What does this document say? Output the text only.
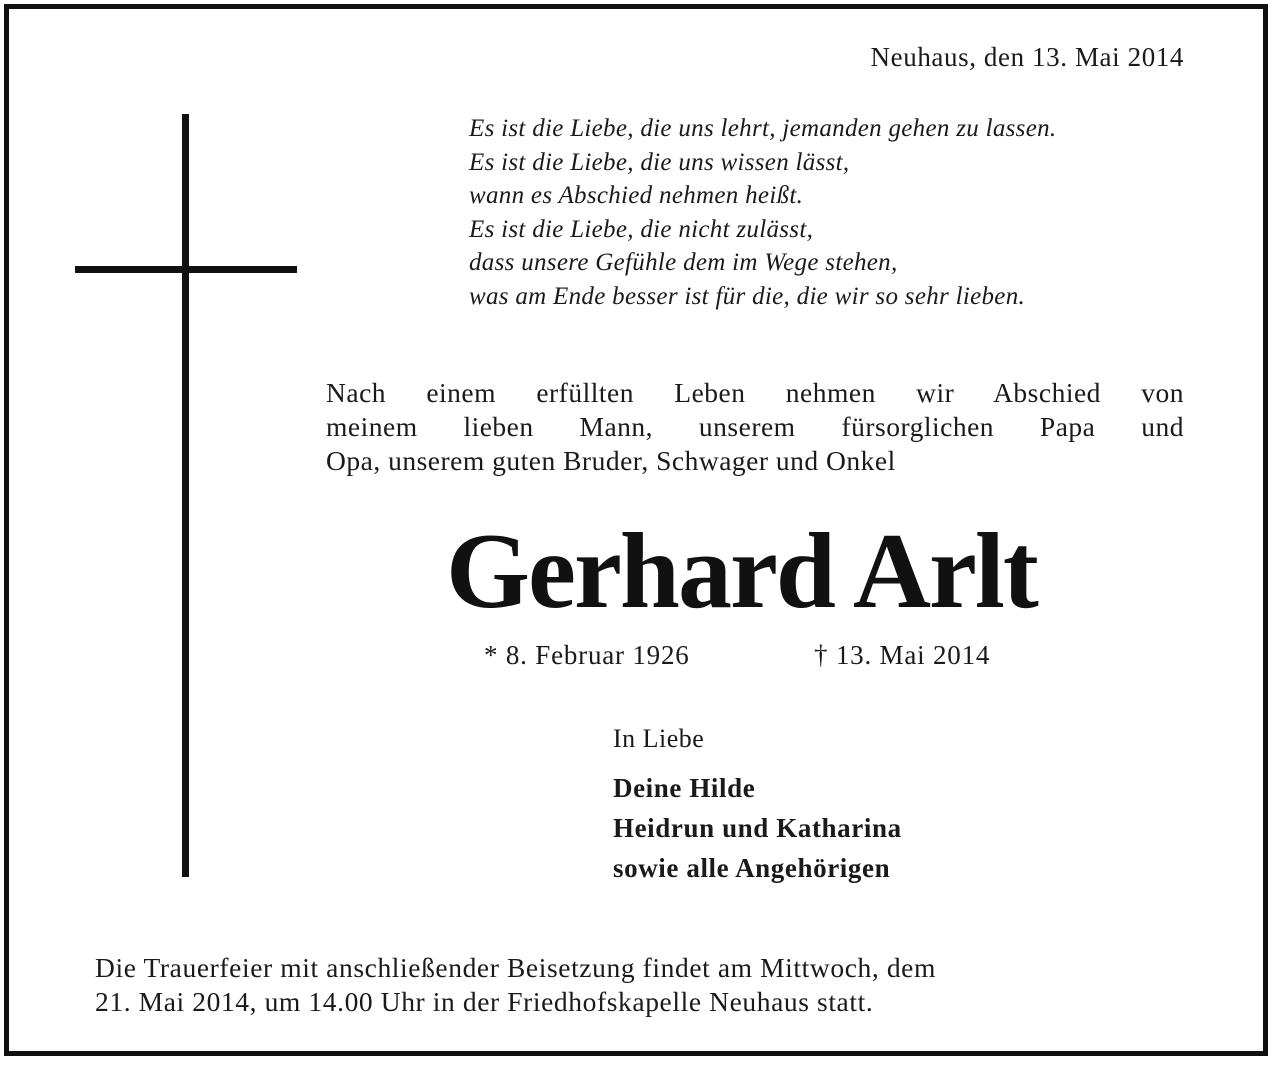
Neuhaus, den 13. Mai 2014
Es ist die Liebe, die uns lehrt, jemanden gehen zu lassen.
Es ist die Liebe, die uns wissen lässt,
wann es Abschied nehmen heißt.
Es ist die Liebe, die nicht zulässt,
dass unsere Gefühle dem im Wege stehen,
was am Ende besser ist für die, die wir so sehr lieben.
Nach einem erfüllten Leben nehmen wir Abschied von
meinem lieben Mann, unserem fürsorglichen Papa und
Opa, unserem guten Bruder, Schwager und Onkel
Gerhard Arlt
* 8. Februar 1926	† 13. Mai 2014
In Liebe
Deine Hilde
Heidrun und Katharina
sowie alle Angehörigen
Die Trauerfeier mit anschließender Beisetzung findet am Mittwoch, dem
21. Mai 2014, um 14.00 Uhr in der Friedhofskapelle Neuhaus statt.
